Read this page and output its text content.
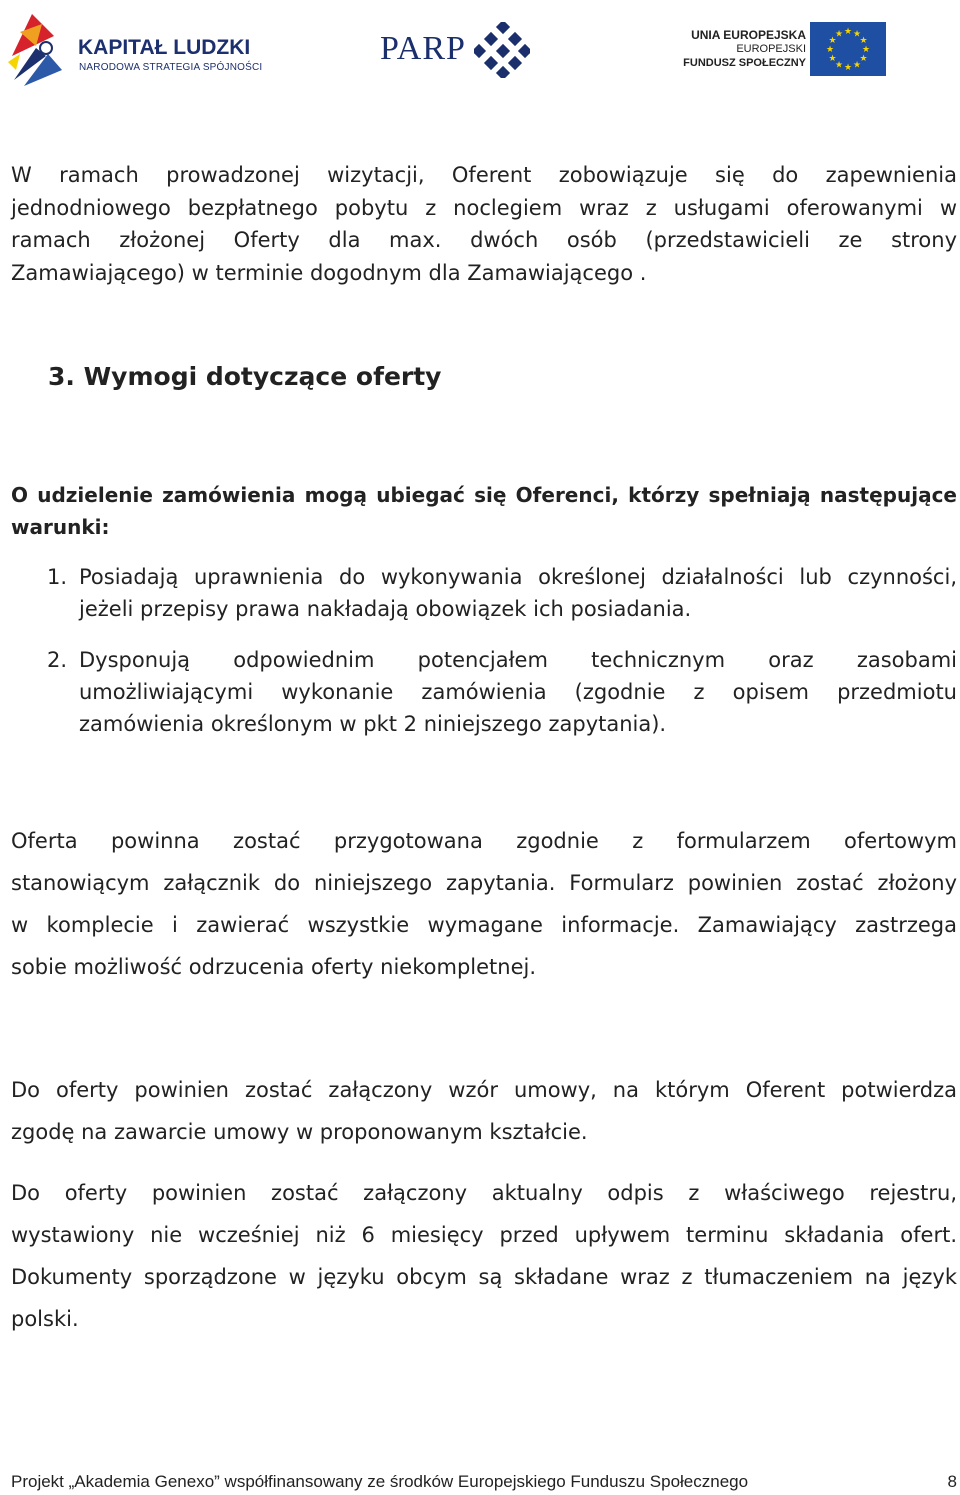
KAPITAŁ LUDZKI
NARODOWA STRATEGIA SPÓJNOŚCI
PARP	UNIA EUROPEJSKA
EUROPEJSKI
FUNDUSZ SPOŁECZNY
★ ★
★
★
★
★
★
★
★
★
★
★
W ramach prowadzonej wizytacji, Oferent zobowiązuje się do zapewnienia
jednodniowego bezpłatnego pobytu z noclegiem wraz z usługami oferowanymi w
ramach złożonej Oferty dla max. dwóch osób (przedstawicieli ze strony
Zamawiającego) w terminie dogodnym dla Zamawiającego .
3. Wymogi dotyczące oferty
O udzielenie zamówienia mogą ubiegać się Oferenci, którzy spełniają następujące
warunki:
1. Posiadają uprawnienia do wykonywania określonej działalności lub czynności,
jeżeli przepisy prawa nakładają obowiązek ich posiadania.
2. Dysponują odpowiednim potencjałem technicznym oraz zasobami
umożliwiającymi wykonanie zamówienia (zgodnie z opisem przedmiotu
zamówienia określonym w pkt 2 niniejszego zapytania).
Oferta powinna zostać przygotowana zgodnie z formularzem ofertowym
stanowiącym załącznik do niniejszego zapytania. Formularz powinien zostać złożony
w komplecie i zawierać wszystkie wymagane informacje. Zamawiający zastrzega
sobie możliwość odrzucenia oferty niekompletnej.
Do oferty powinien zostać załączony wzór umowy, na którym Oferent potwierdza
zgodę na zawarcie umowy w proponowanym kształcie.
Do oferty powinien zostać załączony aktualny odpis z właściwego rejestru,
wystawiony nie wcześniej niż 6 miesięcy przed upływem terminu składania ofert.
Dokumenty sporządzone w języku obcym są składane wraz z tłumaczeniem na język
polski.
Projekt „Akademia Genexo” współfinansowany ze środków Europejskiego Funduszu Społecznego	8
